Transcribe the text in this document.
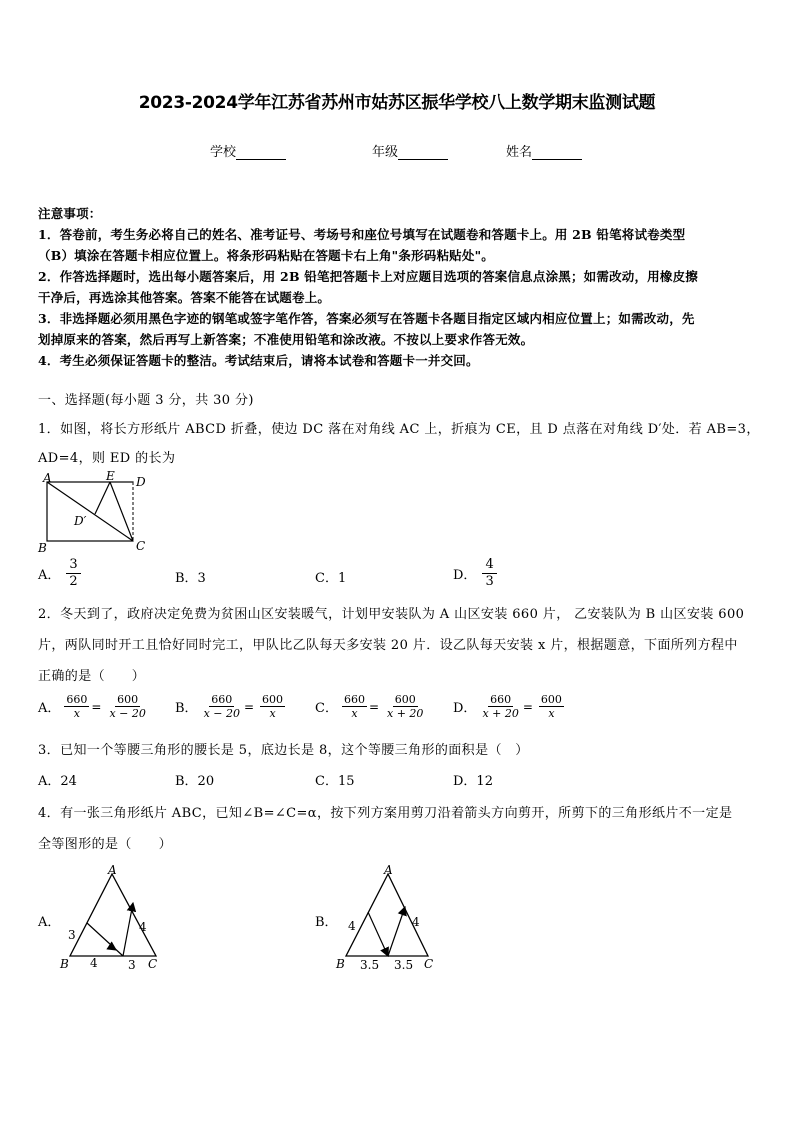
2023-2024学年江苏省苏州市姑苏区振华学校八上数学期末监测试题
学校	年级	姓名
注意事项：
1．答卷前，考生务必将自己的姓名、准考证号、考场号和座位号填写在试题卷和答题卡上。用 2B 铅笔将试卷类型
（B）填涂在答题卡相应位置上。将条形码粘贴在答题卡右上角"条形码粘贴处"。
2．作答选择题时，选出每小题答案后，用 2B 铅笔把答题卡上对应题目选项的答案信息点涂黑；如需改动，用橡皮擦
干净后，再选涂其他答案。答案不能答在试题卷上。
3．非选择题必须用黑色字迹的钢笔或签字笔作答，答案必须写在答题卡各题目指定区域内相应位置上；如需改动，先
划掉原来的答案，然后再写上新答案；不准使用铅笔和涂改液。不按以上要求作答无效。
4．考生必须保证答题卡的整洁。考试结束后，请将本试卷和答题卡一并交回。
一、选择题(每小题 3 分，共 30 分)
1．如图，将长方形纸片 ABCD 折叠，使边 DC 落在对角线 AC 上，折痕为 CE，且 D 点落在对角线 D′处．若 AB=3，
AD=4，则 ED 的长为
A	E D
D′
B	C
A． $\frac{3}{2}$	B．3	C．1	D． $\frac{4}{3}$
2．冬天到了，政府决定免费为贫困山区安装暖气，计划甲安装队为 A 山区安装 660 片， 乙安装队为 B 山区安装 600
片，两队同时开工且恰好同时完工，甲队比乙队每天多安装 20 片．设乙队每天安装 x 片，根据题意，下面所列方程中
正确的是（　　）
A． $\frac{660}{x} = \frac{600}{x - 20}$ B． $\frac{660}{x - 20} = \frac{600}{x}$ C． $\frac{660}{x} = \frac{600}{x + 20}$ D． $\frac{660}{x + 20} = \frac{600}{x}$
3．已知一个等腰三角形的腰长是 5，底边长是 8，这个等腰三角形的面积是（　）
A．24	B．20	C．15	D．12
4．有一张三角形纸片 ABC，已知∠B=∠C=α，按下列方案用剪刀沿着箭头方向剪开，所剪下的三角形纸片不一定是
全等图形的是（　　）
A．
A
B	C
3
4
4
3
B．
A
B	C
4	4
3.5 3.5
